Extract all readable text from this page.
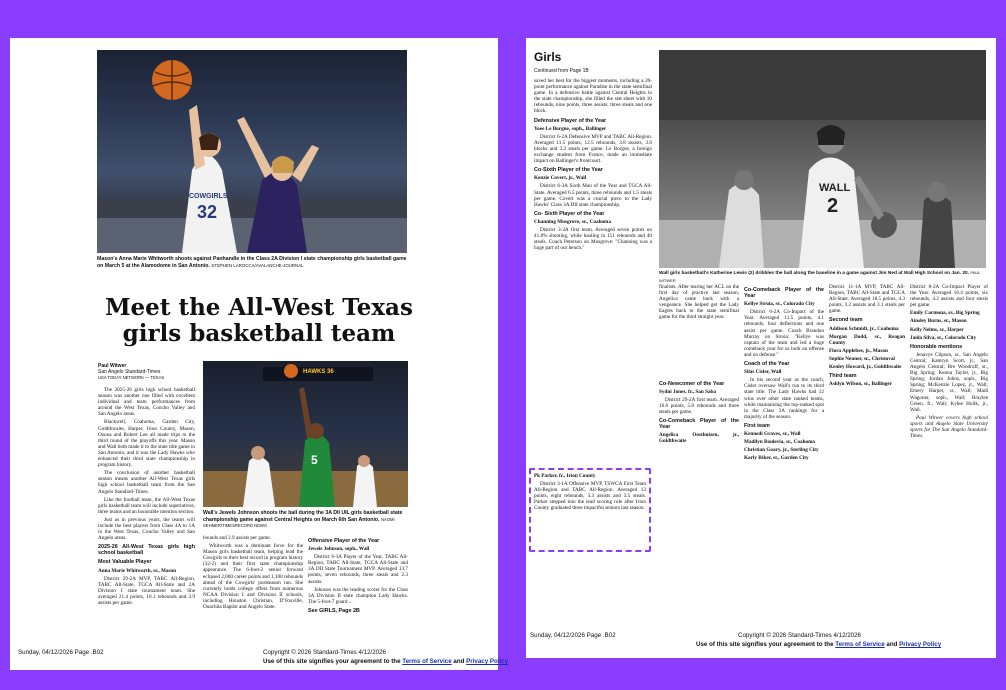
COWGIRLS
32
Mason's Anna Marie Whitworth shoots against Panhandle in the Class 2A Division I state championship girls basketball game on March 5 at the Alamodome in San Antonio. STEPHEN LAROCCA/AVALANCHE-JOURNAL
Meet the All-West Texas girls basketball team
Paul Witwer
San Angelo Standard-Times
USA TODAY NETWORK — TEXAS

The 2025-26 girls high school basketball season was another one filled with excellent individual and team performances from around the West Texas, Concho Valley and San Angelo areas.

Blackwell, Coahoma, Garden City, Goldthwaite, Harper, Irion County, Mason, Ozona and Robert Lee all made trips to the third round of the playoffs this year. Mason and Wall both made it to the state title game in San Antonio, and it was the Lady Hawks who enhanced their third state championship in program history.

The conclusion of another basketball season means another All-West Texas girls high school basketball team from the San Angelo Standard-Times.

Like the football team, the All-West Texas girls basketball team will include superlatives, three teams and an honorable mention section.

Just as in previous years, the teams will include the best players from Class 4A to 1A in the West Texas, Concho Valley and San Angelo areas.

2025-26 All-West Texas girls high school basketball
Most Valuable Player

Anna Marie Whitworth, sr., Mason

District 29-2A MVP, TABC All-Region, TABC All-State, TGCA All-State and 2A Division I state tournament team. She averaged 21.4 points, 10.1 rebounds and 3.9 assists per game.

HAWKS 36
5
Wall's Jewels Johnson shoots the ball during the 3A DII UIL girls basketball state championship game against Central Heights on March 6th San Antonio. NAOMI SEHMER/TIMESRECORD NEWS

bounds and 2.9 assists per game.

Whitworth was a dominant force for the Mason girls basketball team, helping lead the Cowgirls to their best record in program history (32-2) and their first state championship appearance. The 6-foot-2 senior forward eclipsed 2,000 career points and 1,100 rebounds ahead of the Cowgirls' postseason run. She currently holds college offers from numerous NCAA Division I and Division II schools, including Houston Christian, D'Youville, Ouachita Baptist and Angelo State.

Offensive Player of the Year

Jewels Johnson, soph., Wall

District 6-3A Player of the Year, TABC All-Region, TABC All-State, TGCA All-State and 3A DII State Tournament MVP. Averaged 13.7 points, seven rebounds, three steals and 2.3 assists.

Johnson was the leading scorer for the Class 3A Division II state champion Lady Hawks. The 5-foot-7 guard ...

See GIRLS, Page 2B
Sunday, 04/12/2026 Page .B02	Copyright © 2026 Standard-Times 4/12/2026
Use of this site signifies your agreement to the Terms of Service and Privacy Policy
Girls
Continued from Page 1B
WALL
2
Wall girls basketball's Katherine Lewis (2) dribbles the ball along the baseline in a game against Jim Ned at Wall High School on Jan. 20. PAUL WITWER

saved her best for the biggest moments, including a 20-point performance against Paradise in the state semifinal game. In a defensive battle against Central Heights in the state championship, she filled the stat sheet with 10 rebounds, nine points, three assists, three steals and one block.

Defensive Player of the Year

Yoee Le Borgne, soph., Ballinger

District 6-2A Defensive MVP and TABC All-Region. Averaged 11.5 points, 12.5 rebounds, 3.8 assists, 3.6 blocks and 3.2 steals per game. Le Borgne, a foreign exchange student from France, made an immediate impact on Ballinger's frontcourt.

Co-Sixth Player of the Year

Kenzie Covert, jr., Wall

District 6-3A Sixth Man of the Year and TGCA All-State. Averaged 6.5 points, three rebounds and 1.5 steals per game. Covert was a crucial piece to the Lady Hawks' Class 3A DII state championship.

Co- Sixth Player of the Year

Channing Musgrove, sr., Coahoma

District 3-3A first team. Averaged seven points on 41.8% shooting, while hauling in 151 rebounds and 40 steals. Coach Peterson on Musgrove: "Channing was a huge part of our bench."

finalists. After tearing her ACL on the first day of practice last season, Angelica came back with a vengeance. She helped get the Lady Eagles back to the state semifinal game for the third straight year.

Co-Newcomer of the Year

Sydni Jones, fr., San Saba

District 29-2A first team. Averaged 16.6 points, 5.8 rebounds and three steals per game.

Co-Comeback Player of the Year

Angelica Oosthuizen, jr., Goldthwaite

Pk Parker, fr., Irion County

District 3-1A Offensive MVP, TSWCA First Team All-Region and TABC All-Region. Averaged 13 points, eight rebounds, 3.3 assists and 3.5 steals. Parker stepped into the lead scoring role after Irion County graduated three impactful seniors last season.

Co-Comeback Player of the Year

Kellye Stroia, sr., Colorado City

District 6-2A Co-Impact of the Year. Averaged 11.5 points, 4.1 rebounds, four deflections and one assist per game. Coach Brandon Murray on Stroia: "Kellye was captain of the team and led a huge comeback year for us both on offense and on defense."

Coach of the Year

Silas Cisler, Wall

In his second year as the coach, Cisler oversaw Wall's run to its third state title. The Lady Hawks had 12 wins over other state ranked teams, while maintaining the top-ranked spot in the Class 3A rankings for a majority of the season.

First team

Kennedi Graves, sr., Wall

Madilyn Boulevia, sr., Coahoma

Christian Goary, jr., Sterling City

Karly Riker, sr., Garden City

District 11-1A MVP, TABC All-Region, TABC All-State and TGCA All-State. Averaged 18.5 points, 4.3 points, 3.2 assists and 3.1 steals per game.

Second team

Addison Schmidt, jr., Coahoma

Morgan Dodd, sr., Reagan County

Flora Applebee, jr., Mason

Sophie Neuner, sr., Christoval

Kenley Howard, jr., Goldthwaite

Third team

Ashlyn Wilson, sr., Ballinger

District 8-2A Co-Impact Player of the Year. Averaged 16.4 points, six rebounds, 4.2 assists and four steals per game.

Emily Carmona, sr., Big Spring

Ainsley Burns, sr., Mason

Kelly Nelms, sr., Harper

Jaida Silva, sr., Colorado City

Honorable mentions

Jenavye Clipson, sr., San Angelo Central; Kamryn Scott, jr., San Angelo Central; Bre Woodruff, sr., Big Spring; Kenna Taylor, jr., Big Spring; Jordan Johns, soph., Big Spring; McKenzie Lopez, jr., Wall; Emery Harper, sr., Wall; Madi Wagoner, soph., Wall; Braylee Green, fr., Wall; Kylee Holik, jr., Wall.

Paul Witwer covers high school sports and Angelo State University sports for The San Angelo Standard-Times.

Sunday, 04/12/2026 Page .B02	Copyright © 2026 Standard-Times 4/12/2026
Use of this site signifies your agreement to the Terms of Service and Privacy Policy
